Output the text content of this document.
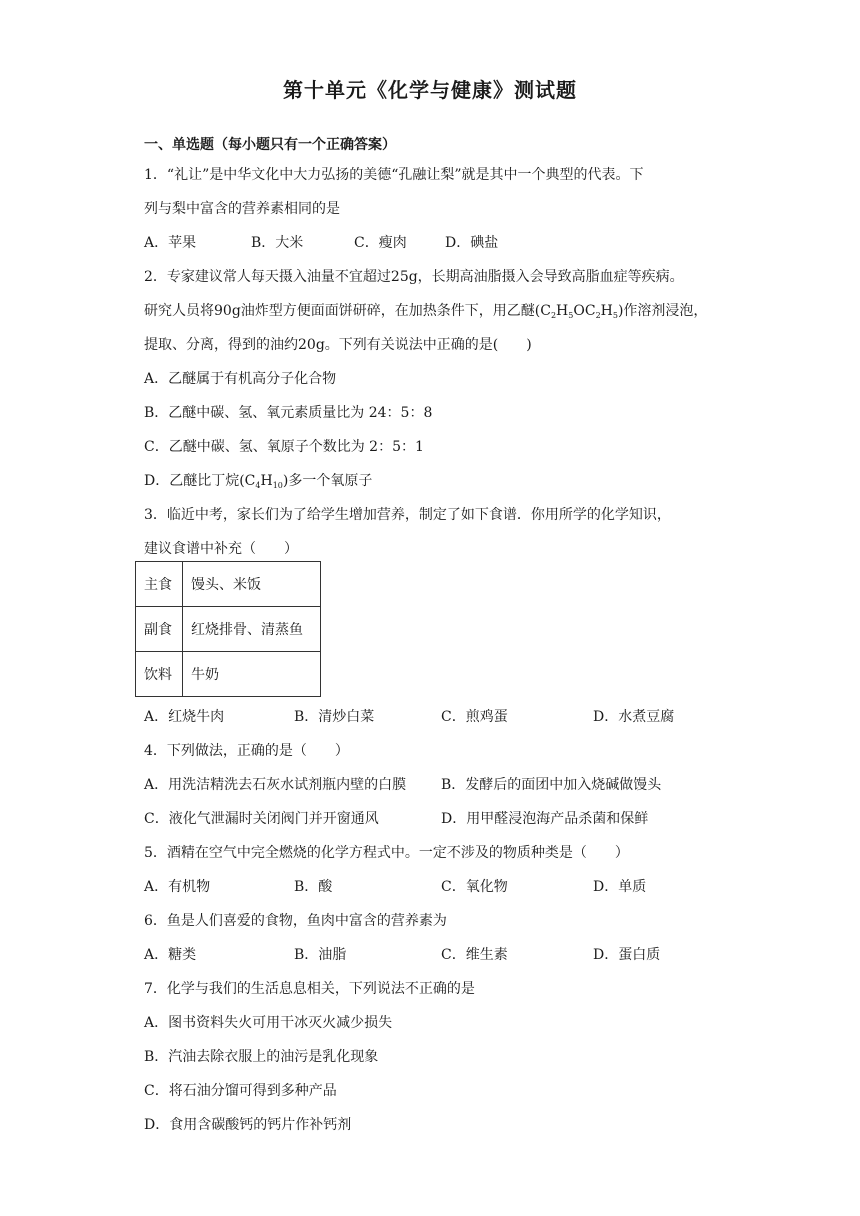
第十单元《化学与健康》测试题
一、单选题（每小题只有一个正确答案）
1．“礼让”是中华文化中大力弘扬的美德“孔融让梨”就是其中一个典型的代表。下
列与梨中富含的营养素相同的是
A．苹果	B．大米	C．瘦肉	D．碘盐
2．专家建议常人每天摄入油量不宜超过25g，长期高油脂摄入会导致高脂血症等疾病。
研究人员将90g油炸型方便面面饼研碎，在加热条件下，用乙醚$(C_2H_5OC_2H_5)$作溶剂浸泡，
提取、分离，得到的油约20g。下列有关说法中正确的是(　　)
A．乙醚属于有机高分子化合物
B．乙醚中碳、氢、氧元素质量比为 24：5：8
C．乙醚中碳、氢、氧原子个数比为 2：5：1
D．乙醚比丁烷$(C_4H_{10})$多一个氧原子
3．临近中考，家长们为了给学生增加营养，制定了如下食谱．你用所学的化学知识，
建议食谱中补充（　　）
主食	馒头、米饭
副食	红烧排骨、清蒸鱼
饮料	牛奶
A．红烧牛肉	B．清炒白菜	C．煎鸡蛋	D．水煮豆腐
4．下列做法，正确的是（　　）
A．用洗洁精洗去石灰水试剂瓶内壁的白膜 B．发酵后的面团中加入烧碱做馒头
C．液化气泄漏时关闭阀门并开窗通风	D．用甲醛浸泡海产品杀菌和保鲜
5．酒精在空气中完全燃烧的化学方程式中。一定不涉及的物质种类是（　　）
A．有机物	B．酸	C．氧化物	D．单质
6．鱼是人们喜爱的食物，鱼肉中富含的营养素为
A．糖类	B．油脂	C．维生素	D．蛋白质
7．化学与我们的生活息息相关，下列说法不正确的是
A．图书资料失火可用干冰灭火减少损失
B．汽油去除衣服上的油污是乳化现象
C．将石油分馏可得到多种产品
D．食用含碳酸钙的钙片作补钙剂
